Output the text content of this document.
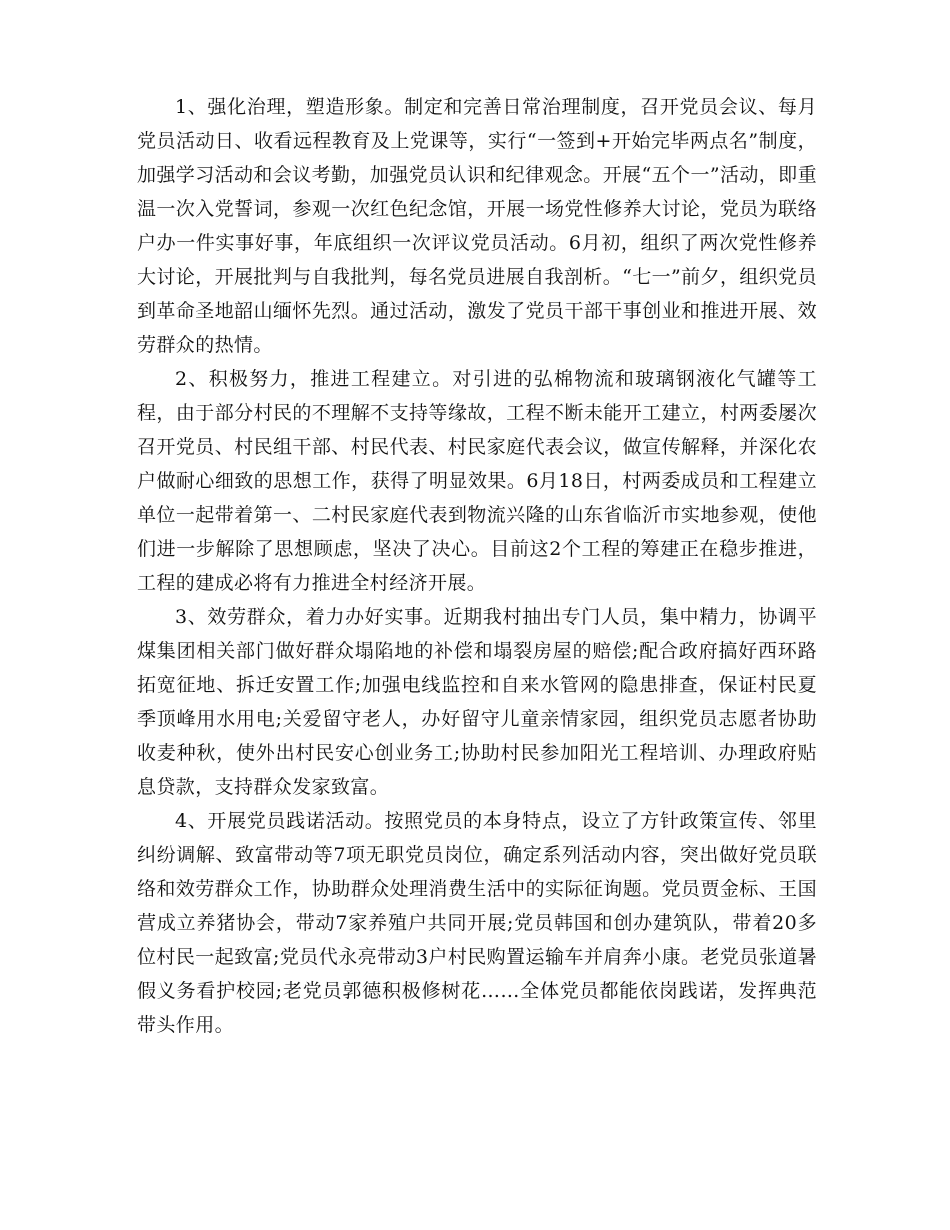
1、强化治理，塑造形象。制定和完善日常治理制度，召开党员会议、每月党员活动日、收看远程教育及上党课等，实行“一签到+开始完毕两点名”制度，加强学习活动和会议考勤，加强党员认识和纪律观念。开展“五个一”活动，即重温一次入党誓词，参观一次红色纪念馆，开展一场党性修养大讨论，党员为联络户办一件实事好事，年底组织一次评议党员活动。6月初，组织了两次党性修养大讨论，开展批判与自我批判，每名党员进展自我剖析。“七一”前夕，组织党员到革命圣地韶山缅怀先烈。通过活动，激发了党员干部干事创业和推进开展、效劳群众的热情。

2、积极努力，推进工程建立。对引进的弘棉物流和玻璃钢液化气罐等工程，由于部分村民的不理解不支持等缘故，工程不断未能开工建立，村两委屡次召开党员、村民组干部、村民代表、村民家庭代表会议，做宣传解释，并深化农户做耐心细致的思想工作，获得了明显效果。6月18日，村两委成员和工程建立单位一起带着第一、二村民家庭代表到物流兴隆的山东省临沂市实地参观，使他们进一步解除了思想顾虑，坚决了决心。目前这2个工程的筹建正在稳步推进，工程的建成必将有力推进全村经济开展。

3、效劳群众，着力办好实事。近期我村抽出专门人员，集中精力，协调平煤集团相关部门做好群众塌陷地的补偿和塌裂房屋的赔偿;配合政府搞好西环路拓宽征地、拆迁安置工作;加强电线监控和自来水管网的隐患排查，保证村民夏季顶峰用水用电;关爱留守老人，办好留守儿童亲情家园，组织党员志愿者协助收麦种秋，使外出村民安心创业务工;协助村民参加阳光工程培训、办理政府贴息贷款，支持群众发家致富。

4、开展党员践诺活动。按照党员的本身特点，设立了方针政策宣传、邻里纠纷调解、致富带动等7项无职党员岗位，确定系列活动内容，突出做好党员联络和效劳群众工作，协助群众处理消费生活中的实际征询题。党员贾金标、王国营成立养猪协会，带动7家养殖户共同开展;党员韩国和创办建筑队，带着20多位村民一起致富;党员代永亮带动3户村民购置运输车并肩奔小康。老党员张道暑假义务看护校园;老党员郭德积极修树花……全体党员都能依岗践诺，发挥典范带头作用。
